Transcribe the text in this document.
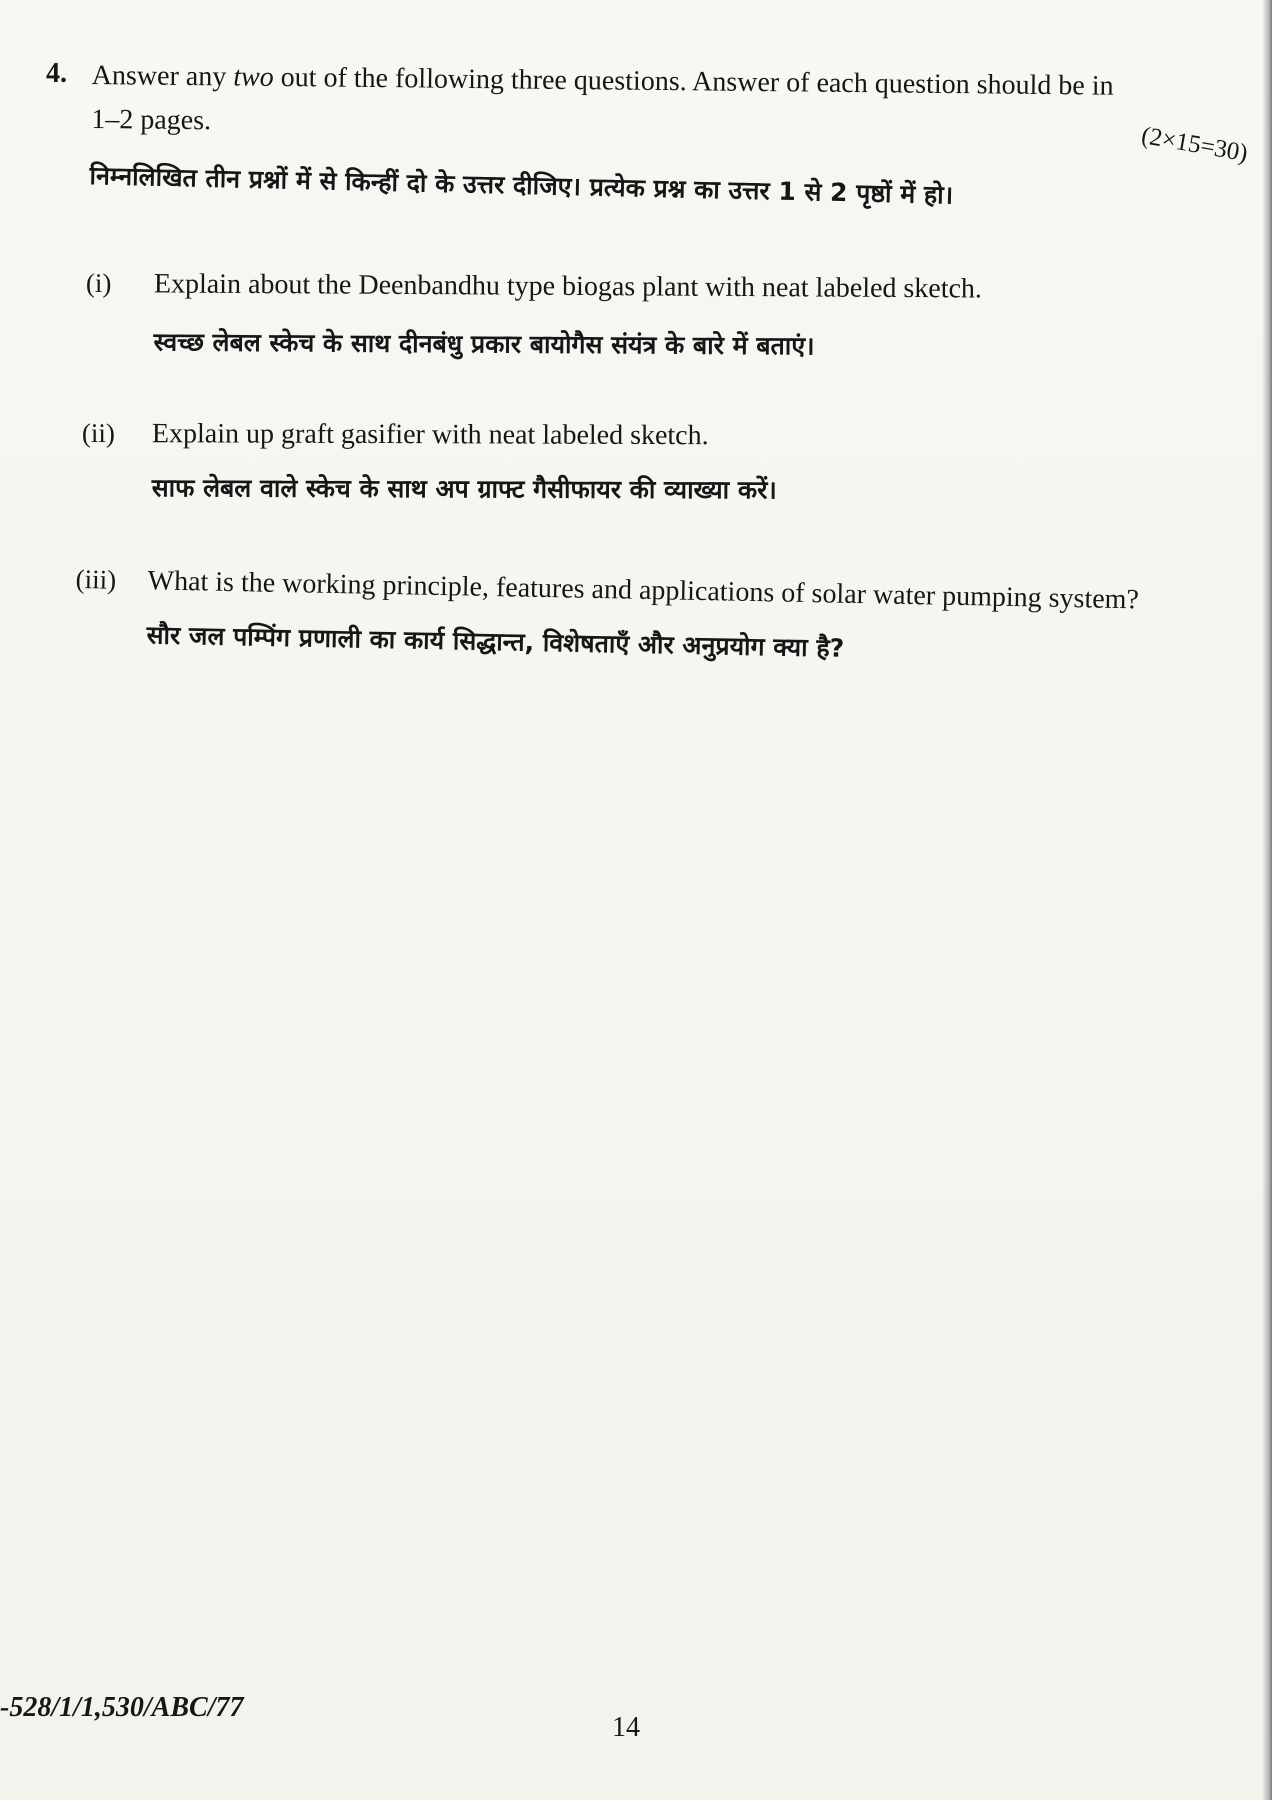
4. Answer any two out of the following three questions. Answer of each question should be in
1–2 pages.
(2×15=30)
निम्नलिखित तीन प्रश्नों में से किन्हीं दो के उत्तर दीजिए। प्रत्येक प्रश्न का उत्तर 1 से 2 पृष्ठों में हो।
(i) Explain about the Deenbandhu type biogas plant with neat labeled sketch.
स्वच्छ लेबल स्केच के साथ दीनबंधु प्रकार बायोगैस संयंत्र के बारे में बताएं।
(ii) Explain up graft gasifier with neat labeled sketch.
साफ लेबल वाले स्केच के साथ अप ग्राफ्ट गैसीफायर की व्याख्या करें।
(iii) What is the working principle, features and applications of solar water pumping system?
सौर जल पम्पिंग प्रणाली का कार्य सिद्धान्त, विशेषताएँ और अनुप्रयोग क्या है?
-528/1/1,530/ABC/77
14
